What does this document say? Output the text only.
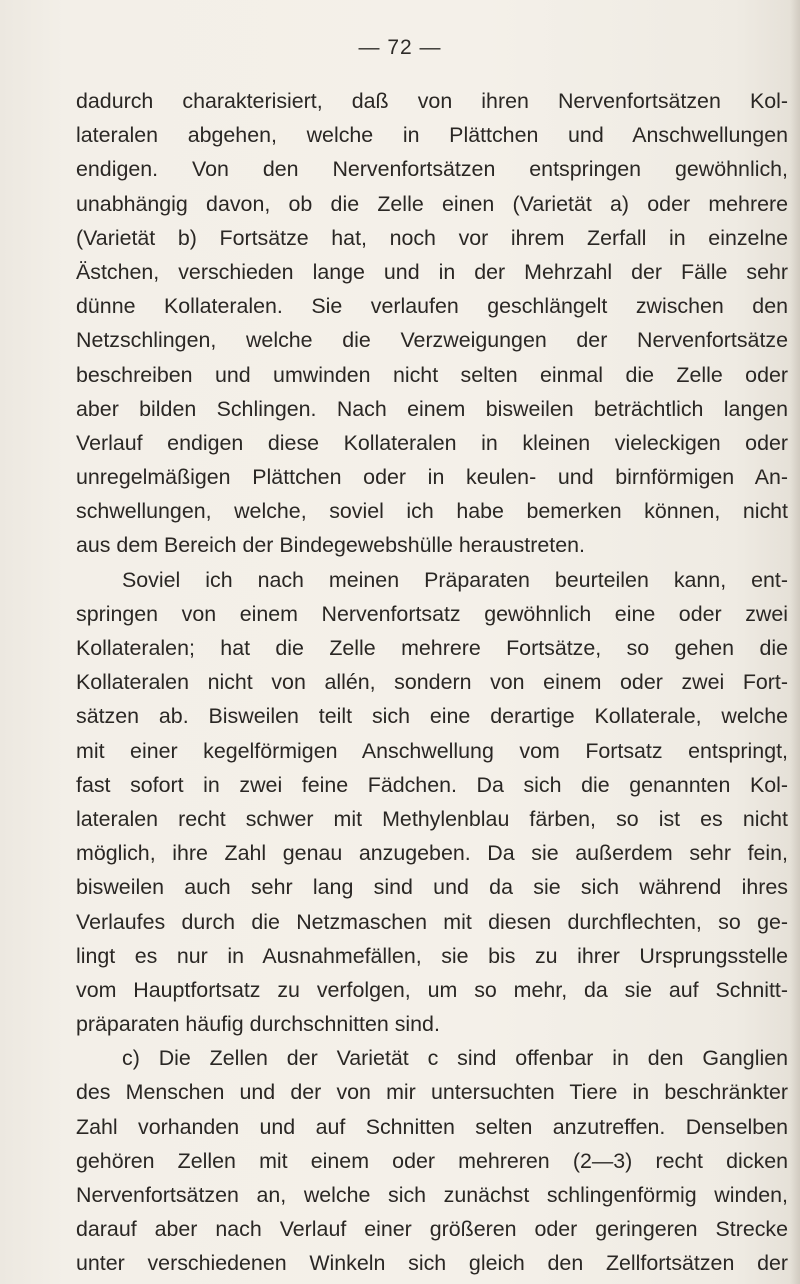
— 72 —
dadurch charakterisiert, daß von ihren Nervenfortsätzen Kol-
lateralen abgehen, welche in Plättchen und Anschwellungen
endigen. Von den Nervenfortsätzen entspringen gewöhnlich,
unabhängig davon, ob die Zelle einen (Varietät a) oder mehrere
(Varietät b) Fortsätze hat, noch vor ihrem Zerfall in einzelne
Ästchen, verschieden lange und in der Mehrzahl der Fälle sehr
dünne Kollateralen. Sie verlaufen geschlängelt zwischen den
Netzschlingen, welche die Verzweigungen der Nervenfortsätze
beschreiben und umwinden nicht selten einmal die Zelle oder
aber bilden Schlingen. Nach einem bisweilen beträchtlich langen
Verlauf endigen diese Kollateralen in kleinen vieleckigen oder
unregelmäßigen Plättchen oder in keulen- und birnförmigen An-
schwellungen, welche, soviel ich habe bemerken können, nicht
aus dem Bereich der Bindegewebshülle heraustreten.
Soviel ich nach meinen Präparaten beurteilen kann, ent-
springen von einem Nervenfortsatz gewöhnlich eine oder zwei
Kollateralen; hat die Zelle mehrere Fortsätze, so gehen die
Kollateralen nicht von allén, sondern von einem oder zwei Fort-
sätzen ab. Bisweilen teilt sich eine derartige Kollaterale, welche
mit einer kegelförmigen Anschwellung vom Fortsatz entspringt,
fast sofort in zwei feine Fädchen. Da sich die genannten Kol-
lateralen recht schwer mit Methylenblau färben, so ist es nicht
möglich, ihre Zahl genau anzugeben. Da sie außerdem sehr fein,
bisweilen auch sehr lang sind und da sie sich während ihres
Verlaufes durch die Netzmaschen mit diesen durchflechten, so ge-
lingt es nur in Ausnahmefällen, sie bis zu ihrer Ursprungsstelle
vom Hauptfortsatz zu verfolgen, um so mehr, da sie auf Schnitt-
präparaten häufig durchschnitten sind.
c) Die Zellen der Varietät c sind offenbar in den Ganglien
des Menschen und der von mir untersuchten Tiere in beschränkter
Zahl vorhanden und auf Schnitten selten anzutreffen. Denselben
gehören Zellen mit einem oder mehreren (2—3) recht dicken
Nervenfortsätzen an, welche sich zunächst schlingenförmig winden,
darauf aber nach Verlauf einer größeren oder geringeren Strecke
unter verschiedenen Winkeln sich gleich den Zellfortsätzen der
